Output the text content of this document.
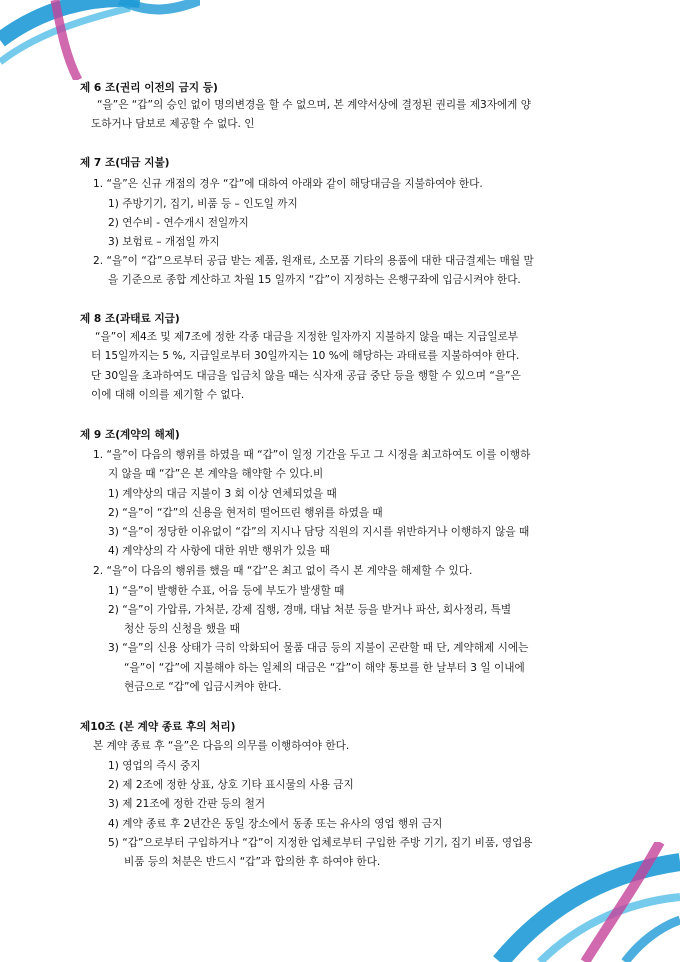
제 6 조(권리 이전의 금지 등)
“을”은 “갑”의 승인 없이 명의변경을 할 수 없으며, 본 계약서상에 결정된 권리를 제3자에게 양
도하거나 담보로 제공할 수 없다. 인
제 7 조(대금 지불)
1. “을”은 신규 개점의 경우 “갑”에 대하여 아래와 같이 해당대금을 지불하여야 한다.
1) 주방기기, 집기, 비품 등 – 인도일 까지
2) 연수비 - 연수개시 전일까지
3) 보험료 – 개점일 까지
2. “을”이 “갑”으로부터 공급 받는 제품, 원재료, 소모품 기타의 용품에 대한 대금결제는 매월 말
을 기준으로 종합 계산하고 차월 15 일까지 “갑”이 지정하는 은행구좌에 입금시켜야 한다.
제 8 조(과태료 지급)
“을”이 제4조 및 제7조에 정한 각종 대금을 지정한 일자까지 지불하지 않을 때는 지급일로부
터 15일까지는 5 %, 지급일로부터 30일까지는 10 %에 해당하는 과태료를 지불하여야 한다.
단 30일을 초과하여도 대금을 입금치 않을 때는 식자재 공급 중단 등을 행할 수 있으며 “을”은
이에 대해 이의를 제기할 수 없다.
제 9 조(계약의 해제)
1. “을”이 다음의 행위를 하였을 때 “갑”이 일정 기간을 두고 그 시정을 최고하여도 이를 이행하
지 않을 때 “갑”은 본 계약을 해약할 수 있다.비
1) 계약상의 대금 지불이 3 회 이상 연체되었을 때
2) “을”이 “갑”의 신용을 현저히 떨어뜨린 행위를 하였을 때
3) “을”이 정당한 이유없이 “갑”의 지시나 담당 직원의 지시를 위반하거나 이행하지 않을 때
4) 계약상의 각 사항에 대한 위반 행위가 있을 때
2. “을”이 다음의 행위를 했을 때 “갑”은 최고 없이 즉시 본 계약을 해제할 수 있다.
1) “을”이 발행한 수표, 어음 등에 부도가 발생할 때
2) “을”이 가압류, 가처분, 강제 집행, 경매, 대납 처분 등을 받거나 파산, 회사정리, 특별
청산 등의 신청을 했을 때
3) “을”의 신용 상태가 극히 악화되어 물품 대금 등의 지불이 곤란할 때 단, 계약해제 시에는
“을”이 “갑”에 지불해야 하는 일체의 대금은 “갑”이 해약 통보를 한 날부터 3 일 이내에
현금으로 “갑”에 입금시켜야 한다.
제10조 (본 계약 종료 후의 처리)
본 계약 종료 후 “을”은 다음의 의무를 이행하여야 한다.
1) 영업의 즉시 중지
2) 제 2조에 정한 상표, 상호 기타 표시물의 사용 금지
3) 제 21조에 정한 간판 등의 철거
4) 계약 종료 후 2년간은 동일 장소에서 동종 또는 유사의 영업 행위 금지
5) “갑”으로부터 구입하거나 “갑”이 지정한 업체로부터 구입한 주방 기기, 집기 비품, 영업용
비품 등의 처분은 반드시 “갑”과 합의한 후 하여야 한다.
